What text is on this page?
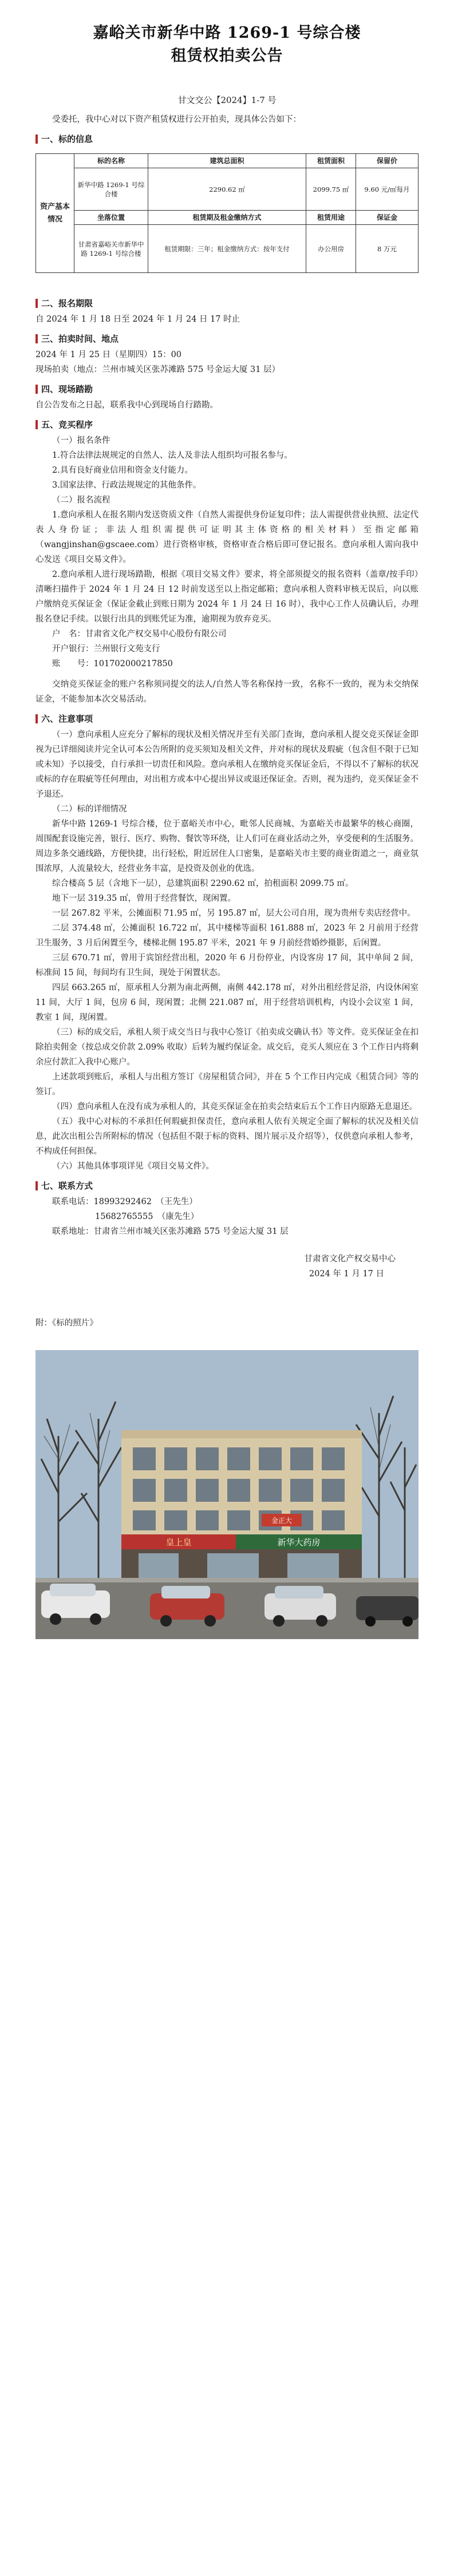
嘉峪关市新华中路 1269-1 号综合楼
租赁权拍卖公告
甘文交公【2024】1-7 号

受委托，我中心对以下资产租赁权进行公开拍卖，现具体公告如下：

一、标的信息
资产基本情况	标的名称	建筑总面积	租赁面积	保留价
	新华中路 1269-1 号综合楼	2290.62 ㎡	2099.75 ㎡	9.60 元/㎡每月
	坐落位置	租赁期及租金缴纳方式	租赁用途	保证金
	甘肃省嘉峪关市新华中路 1269-1 号综合楼	租赁期限：三年；租金缴纳方式：按年支付	办公用房	8 万元
二、报名期限

自 2024 年 1 月 18 日至 2024 年 1 月 24 日 17 时止

三、拍卖时间、地点

2024 年 1 月 25 日（星期四）15：00

现场拍卖（地点：兰州市城关区张苏滩路 575 号金运大厦 31 层）

四、现场踏勘

自公告发布之日起，联系我中心到现场自行踏勘。

五、竞买程序

（一）报名条件

1.符合法律法规规定的自然人、法人及非法人组织均可报名参与。

2.具有良好商业信用和资金支付能力。

3.国家法律、行政法规规定的其他条件。

（二）报名流程

1.意向承租人在报名期内发送资质文件（自然人需提供身份证复印件；法人需提供营业执照、法定代表人身份证；非法人组织需提供可证明其主体资格的相关材料）至指定邮箱（wangjinshan@gscaee.com）进行资格审核，资格审查合格后即可登记报名。意向承租人需向我中心发送《项目交易文件》。

2.意向承租人进行现场踏勘，根据《项目交易文件》要求，将全部须提交的报名资料（盖章/按手印）清晰扫描件于 2024 年 1 月 24 日 12 时前发送至以上指定邮箱；意向承租人资料审核无误后，向以账户缴纳竞买保证金（保证金截止到账日期为 2024 年 1 月 24 日 16 时），我中心工作人员确认后，办理报名登记手续。以银行出具的到账凭证为准，逾期视为放弃竞买。

户　名：甘肃省文化产权交易中心股份有限公司

开户银行：兰州银行文苑支行

账　　号：101702000217850

交纳竞买保证金的账户名称须同提交的法人/自然人等名称保持一致，名称不一致的，视为未交纳保证金，不能参加本次交易活动。

六、注意事项

（一）意向承租人应充分了解标的现状及相关情况并至有关部门查询，意向承租人提交竞买保证金即视为已详细阅读并完全认可本公告所附的竞买须知及相关文件，并对标的现状及瑕疵（包含但不限于已知或未知）予以接受，自行承担一切责任和风险。意向承租人在缴纳竞买保证金后，不得以不了解标的状况或标的存在瑕疵等任何理由，对出租方或本中心提出异议或退还保证金。否则，视为违约，竞买保证金不予退还。

（二）标的详细情况

新华中路 1269-1 号综合楼，位于嘉峪关市中心，毗邻人民商城、为嘉峪关市最繁华的核心商圈，周围配套设施完善，银行、医疗、购物、餐饮等环绕，让人们可在商业活动之外，享受便利的生活服务。周边多条交通线路，方便快捷，出行轻松，附近居住人口密集，是嘉峪关市主要的商业街道之一，商业氛围浓厚，人流量较大，经营业务丰富，是投资及创业的优选。

综合楼高 5 层（含地下一层），总建筑面积 2290.62 ㎡，拍租面积 2099.75 ㎡。

地下一层 319.35 ㎡，曾用于经营餐饮，现闲置。

一层 267.82 平米，公摊面积 71.95 ㎡，另 195.87 ㎡，层大公司自用，现为贵州专卖店经营中。

二层 374.48 ㎡，公摊面积 16.722 ㎡，其中楼梯等面积 161.888 ㎡，2023 年 2 月前用于经营卫生服务，3 月后闲置至今，楼梯北侧 195.87 平米，2021 年 9 月前经营婚纱摄影，后闲置。

三层 670.71 ㎡，曾用于宾馆经营出租，2020 年 6 月份停业，内设客房 17 间，其中单间 2 间，标准间 15 间，每间均有卫生间，现处于闲置状态。

四层 663.265 ㎡，原承租人分割为南北两侧，南侧 442.178 ㎡，对外出租经营足浴，内设休闲室 11 间，大厅 1 间，包房 6 间，现闲置；北侧 221.087 ㎡，用于经营培训机构，内设小会议室 1 间，教室 1 间，现闲置。

（三）标的成交后，承租人须于成交当日与我中心签订《拍卖成交确认书》等文件。竞买保证金在扣除拍卖佣金（按总成交价款 2.09% 收取）后转为履约保证金。成交后，竞买人须应在 3 个工作日内将剩余应付款汇入我中心账户。

上述款项到账后，承租人与出租方签订《房屋租赁合同》，并在 5 个工作日内完成《租赁合同》等的签订。

（四）意向承租人在没有成为承租人的，其竞买保证金在拍卖会结束后五个工作日内原路无息退还。

（五）我中心对标的不承担任何瑕疵担保责任，意向承租人依有关规定全面了解标的状况及相关信息，此次出租公告所附标的情况（包括但不限于标的资料、图片展示及介绍等），仅供意向承租人参考，不构成任何担保。

（六）其他具体事项详见《项目交易文件》。

七、联系方式
联系电话：18993292462　（王先生）
15682765555　（康先生）
联系地址：甘肃省兰州市城关区张苏滩路 575 号金运大厦 31 层
甘肃省文化产权交易中心
2024 年 1 月 17 日
附：《标的照片》
皇上皇	新华大药房
金正大
